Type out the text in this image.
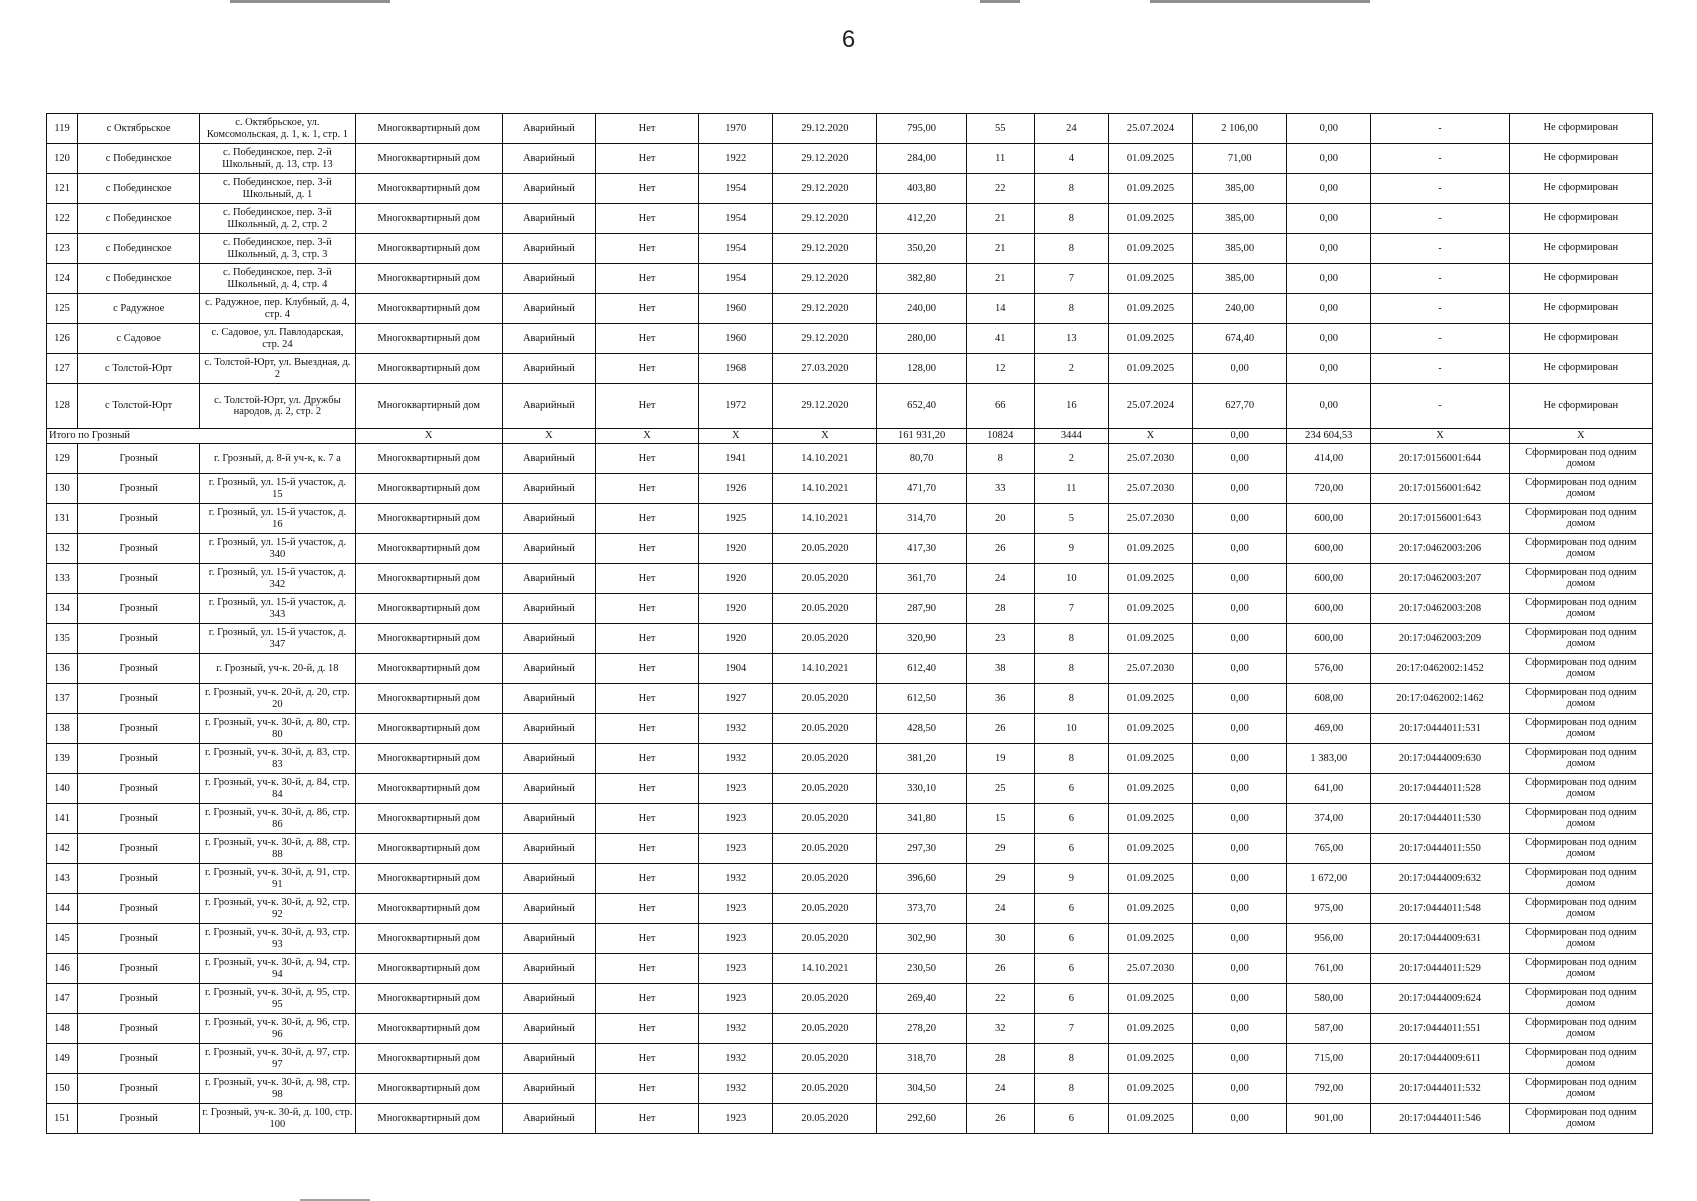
6
119	с Октябрьское	с. Октябрьское, ул. Комсомольская, д. 1, к. 1, стр. 1	Многоквартирный дом	Аварийный	Нет	1970	29.12.2020	795,00	55	24	25.07.2024	2 106,00	0,00	-	Не сформирован
120	с Побединское	с. Побединское, пер. 2-й Школьный, д. 13, стр. 13	Многоквартирный дом	Аварийный	Нет	1922	29.12.2020	284,00	11	4	01.09.2025	71,00	0,00	-	Не сформирован
121	с Побединское	с. Побединское, пер. 3-й Школьный, д. 1	Многоквартирный дом	Аварийный	Нет	1954	29.12.2020	403,80	22	8	01.09.2025	385,00	0,00	-	Не сформирован
122	с Побединское	с. Побединское, пер. 3-й Школьный, д. 2, стр. 2	Многоквартирный дом	Аварийный	Нет	1954	29.12.2020	412,20	21	8	01.09.2025	385,00	0,00	-	Не сформирован
123	с Побединское	с. Побединское, пер. 3-й Школьный, д. 3, стр. 3	Многоквартирный дом	Аварийный	Нет	1954	29.12.2020	350,20	21	8	01.09.2025	385,00	0,00	-	Не сформирован
124	с Побединское	с. Побединское, пер. 3-й Школьный, д. 4, стр. 4	Многоквартирный дом	Аварийный	Нет	1954	29.12.2020	382,80	21	7	01.09.2025	385,00	0,00	-	Не сформирован
125	с Радужное	с. Радужное, пер. Клубный, д. 4, стр. 4	Многоквартирный дом	Аварийный	Нет	1960	29.12.2020	240,00	14	8	01.09.2025	240,00	0,00	-	Не сформирован
126	с Садовое	с. Садовое, ул. Павлодарская, стр. 24	Многоквартирный дом	Аварийный	Нет	1960	29.12.2020	280,00	41	13	01.09.2025	674,40	0,00	-	Не сформирован
127	с Толстой-Юрт	с. Толстой-Юрт, ул. Выездная, д. 2	Многоквартирный дом	Аварийный	Нет	1968	27.03.2020	128,00	12	2	01.09.2025	0,00	0,00	-	Не сформирован
128	с Толстой-Юрт	с. Толстой-Юрт, ул. Дружбы народов, д. 2, стр. 2	Многоквартирный дом	Аварийный	Нет	1972	29.12.2020	652,40	66	16	25.07.2024	627,70	0,00	-	Не сформирован
Итого по Грозный			X	X	X	X	X	161 931,20	10824	3444	X	0,00	234 604,53	X	X
129	Грозный	г. Грозный, д. 8-й уч-к, к. 7 а	Многоквартирный дом	Аварийный	Нет	1941	14.10.2021	80,70	8	2	25.07.2030	0,00	414,00	20:17:0156001:644	Сформирован под одним домом
130	Грозный	г. Грозный, ул. 15-й участок, д. 15	Многоквартирный дом	Аварийный	Нет	1926	14.10.2021	471,70	33	11	25.07.2030	0,00	720,00	20:17:0156001:642	Сформирован под одним домом
131	Грозный	г. Грозный, ул. 15-й участок, д. 16	Многоквартирный дом	Аварийный	Нет	1925	14.10.2021	314,70	20	5	25.07.2030	0,00	600,00	20:17:0156001:643	Сформирован под одним домом
132	Грозный	г. Грозный, ул. 15-й участок, д. 340	Многоквартирный дом	Аварийный	Нет	1920	20.05.2020	417,30	26	9	01.09.2025	0,00	600,00	20:17:0462003:206	Сформирован под одним домом
133	Грозный	г. Грозный, ул. 15-й участок, д. 342	Многоквартирный дом	Аварийный	Нет	1920	20.05.2020	361,70	24	10	01.09.2025	0,00	600,00	20:17:0462003:207	Сформирован под одним домом
134	Грозный	г. Грозный, ул. 15-й участок, д. 343	Многоквартирный дом	Аварийный	Нет	1920	20.05.2020	287,90	28	7	01.09.2025	0,00	600,00	20:17:0462003:208	Сформирован под одним домом
135	Грозный	г. Грозный, ул. 15-й участок, д. 347	Многоквартирный дом	Аварийный	Нет	1920	20.05.2020	320,90	23	8	01.09.2025	0,00	600,00	20:17:0462003:209	Сформирован под одним домом
136	Грозный	г. Грозный, уч-к. 20-й, д. 18	Многоквартирный дом	Аварийный	Нет	1904	14.10.2021	612,40	38	8	25.07.2030	0,00	576,00	20:17:0462002:1452	Сформирован под одним домом
137	Грозный	г. Грозный, уч-к. 20-й, д. 20, стр. 20	Многоквартирный дом	Аварийный	Нет	1927	20.05.2020	612,50	36	8	01.09.2025	0,00	608,00	20:17:0462002:1462	Сформирован под одним домом
138	Грозный	г. Грозный, уч-к. 30-й, д. 80, стр. 80	Многоквартирный дом	Аварийный	Нет	1932	20.05.2020	428,50	26	10	01.09.2025	0,00	469,00	20:17:0444011:531	Сформирован под одним домом
139	Грозный	г. Грозный, уч-к. 30-й, д. 83, стр. 83	Многоквартирный дом	Аварийный	Нет	1932	20.05.2020	381,20	19	8	01.09.2025	0,00	1 383,00	20:17:0444009:630	Сформирован под одним домом
140	Грозный	г. Грозный, уч-к. 30-й, д. 84, стр. 84	Многоквартирный дом	Аварийный	Нет	1923	20.05.2020	330,10	25	6	01.09.2025	0,00	641,00	20:17:0444011:528	Сформирован под одним домом
141	Грозный	г. Грозный, уч-к. 30-й, д. 86, стр. 86	Многоквартирный дом	Аварийный	Нет	1923	20.05.2020	341,80	15	6	01.09.2025	0,00	374,00	20:17:0444011:530	Сформирован под одним домом
142	Грозный	г. Грозный, уч-к. 30-й, д. 88, стр. 88	Многоквартирный дом	Аварийный	Нет	1923	20.05.2020	297,30	29	6	01.09.2025	0,00	765,00	20:17:0444011:550	Сформирован под одним домом
143	Грозный	г. Грозный, уч-к. 30-й, д. 91, стр. 91	Многоквартирный дом	Аварийный	Нет	1932	20.05.2020	396,60	29	9	01.09.2025	0,00	1 672,00	20:17:0444009:632	Сформирован под одним домом
144	Грозный	г. Грозный, уч-к. 30-й, д. 92, стр. 92	Многоквартирный дом	Аварийный	Нет	1923	20.05.2020	373,70	24	6	01.09.2025	0,00	975,00	20:17:0444011:548	Сформирован под одним домом
145	Грозный	г. Грозный, уч-к. 30-й, д. 93, стр. 93	Многоквартирный дом	Аварийный	Нет	1923	20.05.2020	302,90	30	6	01.09.2025	0,00	956,00	20:17:0444009:631	Сформирован под одним домом
146	Грозный	г. Грозный, уч-к. 30-й, д. 94, стр. 94	Многоквартирный дом	Аварийный	Нет	1923	14.10.2021	230,50	26	6	25.07.2030	0,00	761,00	20:17:0444011:529	Сформирован под одним домом
147	Грозный	г. Грозный, уч-к. 30-й, д. 95, стр. 95	Многоквартирный дом	Аварийный	Нет	1923	20.05.2020	269,40	22	6	01.09.2025	0,00	580,00	20:17:0444009:624	Сформирован под одним домом
148	Грозный	г. Грозный, уч-к. 30-й, д. 96, стр. 96	Многоквартирный дом	Аварийный	Нет	1932	20.05.2020	278,20	32	7	01.09.2025	0,00	587,00	20:17:0444011:551	Сформирован под одним домом
149	Грозный	г. Грозный, уч-к. 30-й, д. 97, стр. 97	Многоквартирный дом	Аварийный	Нет	1932	20.05.2020	318,70	28	8	01.09.2025	0,00	715,00	20:17:0444009:611	Сформирован под одним домом
150	Грозный	г. Грозный, уч-к. 30-й, д. 98, стр. 98	Многоквартирный дом	Аварийный	Нет	1932	20.05.2020	304,50	24	8	01.09.2025	0,00	792,00	20:17:0444011:532	Сформирован под одним домом
151	Грозный	г. Грозный, уч-к. 30-й, д. 100, стр. 100	Многоквартирный дом	Аварийный	Нет	1923	20.05.2020	292,60	26	6	01.09.2025	0,00	901,00	20:17:0444011:546	Сформирован под одним домом
